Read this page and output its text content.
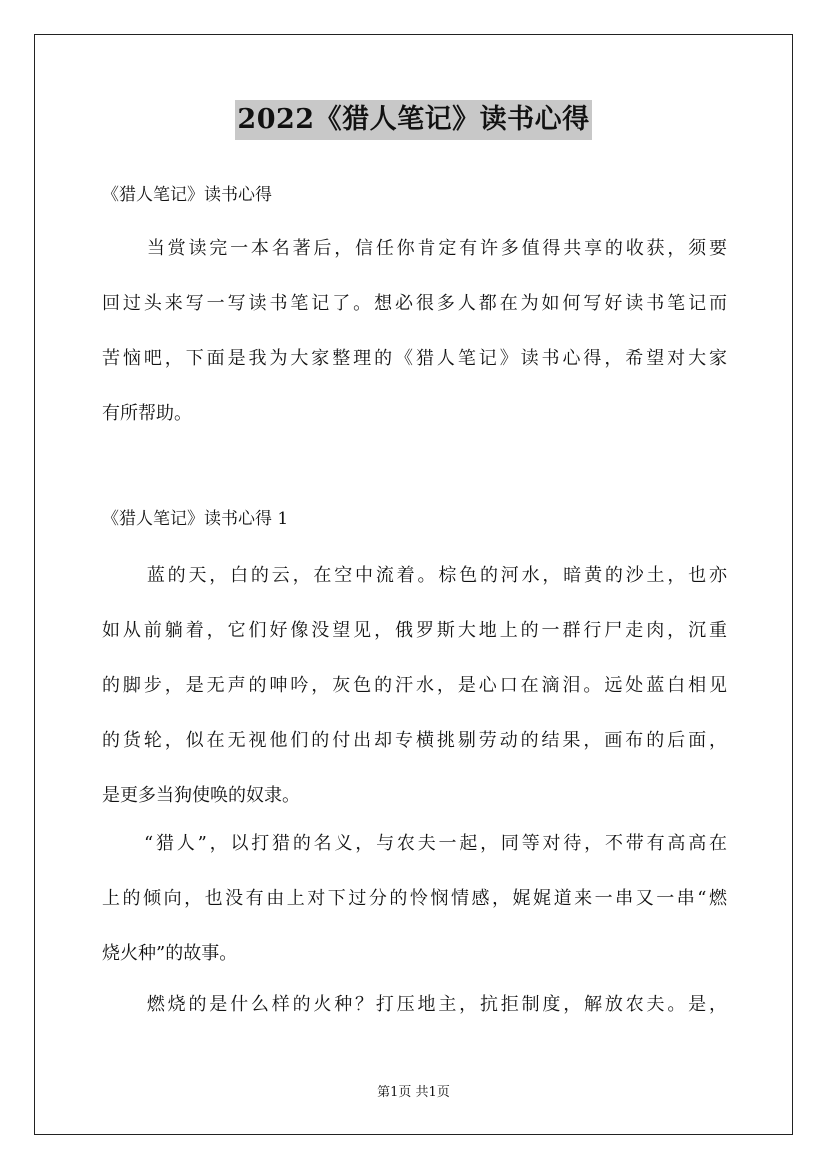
2022《猎人笔记》读书心得
《猎人笔记》读书心得
当赏读完一本名著后，信任你肯定有许多值得共享的收获，须要
回过头来写一写读书笔记了。想必很多人都在为如何写好读书笔记而
苦恼吧，下面是我为大家整理的《猎人笔记》读书心得，希望对大家
有所帮助。
《猎人笔记》读书心得 1
蓝的天，白的云，在空中流着。棕色的河水，暗黄的沙土，也亦
如从前躺着，它们好像没望见，俄罗斯大地上的一群行尸走肉，沉重
的脚步，是无声的呻吟，灰色的汗水，是心口在滴泪。远处蓝白相见
的货轮，似在无视他们的付出却专横挑剔劳动的结果，画布的后面，
是更多当狗使唤的奴隶。
“猎人”，以打猎的名义，与农夫一起，同等对待，不带有高高在
上的倾向，也没有由上对下过分的怜悯情感，娓娓道来一串又一串“燃
烧火种”的故事。
燃烧的是什么样的火种？打压地主，抗拒制度，解放农夫。是，
第1页 共1页
